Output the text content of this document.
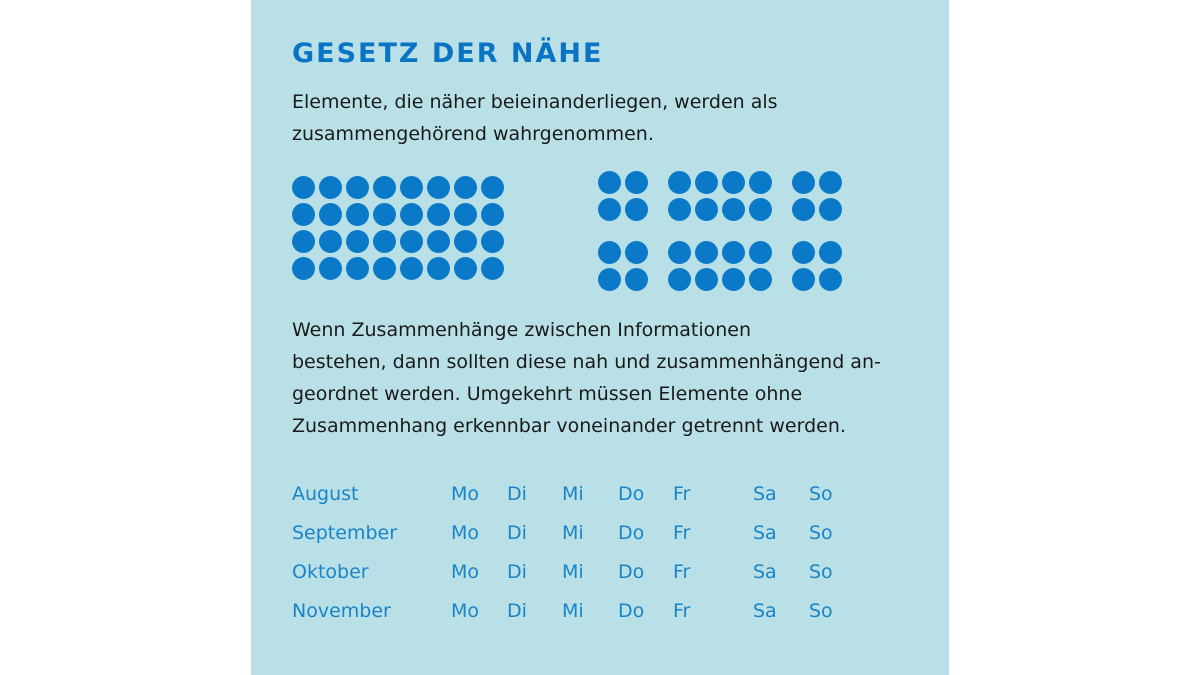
GESETZ DER NÄHE

Elemente, die näher beieinanderliegen, werden als
zusammengehörend wahrgenommen.

Wenn Zusammenhänge zwischen Informationen
bestehen, dann sollten diese nah und zusammenhängend an-
geordnet werden. Umgekehrt müssen Elemente ohne
Zusammenhang erkennbar voneinander getrennt werden.

August	Mo Di Mi Do Fr	Sa So
September	Mo Di Mi Do Fr	Sa So
Oktober	Mo Di Mi Do Fr	Sa So
November	Mo Di Mi Do Fr	Sa So
